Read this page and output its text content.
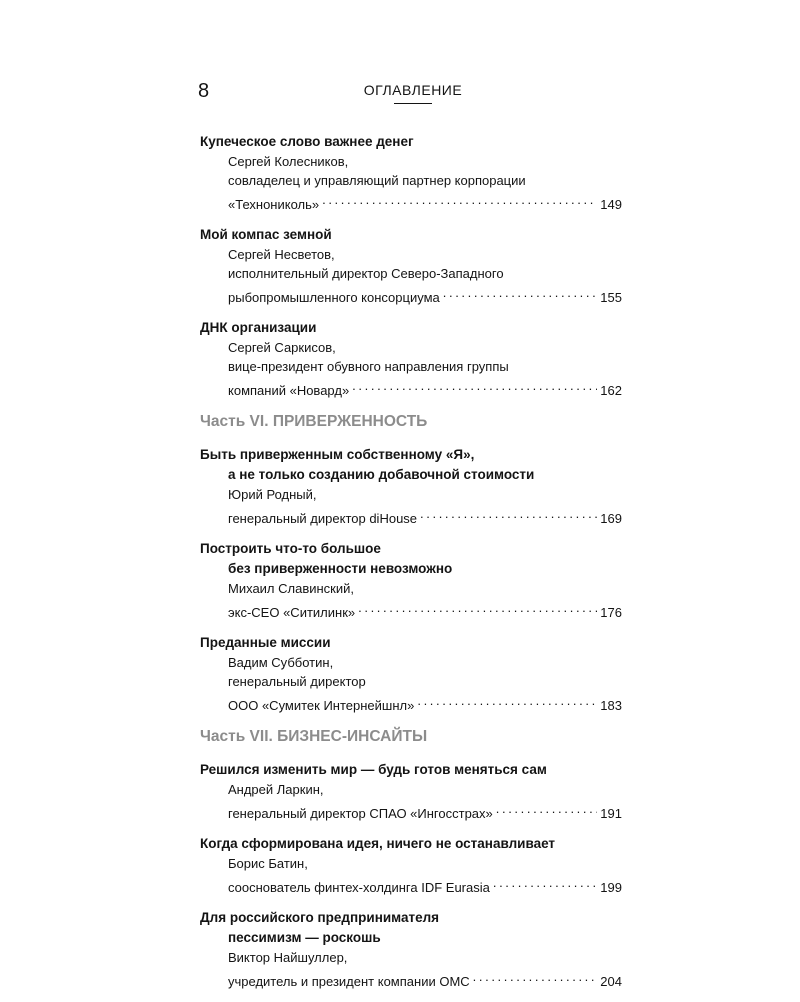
8	ОГЛАВЛЕНИЕ
Купеческое слово важнее денег
Сергей Колесников,
совладелец и управляющий партнер корпорации
«Технониколь» . . .	149
Мой компас земной
Сергей Несветов,
исполнительный директор Северо-Западного
рыбопромышленного консорциума . . .	155
ДНК организации
Сергей Саркисов,
вице-президент обувного направления группы
компаний «Новард» . . .	162
Часть VI. ПРИВЕРЖЕННОСТЬ
Быть приверженным собственному «Я»,
а не только созданию добавочной стоимости
Юрий Родный,
генеральный директор diHouse . . .	169
Построить что-то большое
без приверженности невозможно
Михаил Славинский,
экс-CEO «Ситилинк» . . .	176
Преданные миссии
Вадим Субботин,
генеральный директор
ООО «Сумитек Интернейшнл» . . .	183
Часть VII. БИЗНЕС-ИНСАЙТЫ
Решился изменить мир — будь готов меняться сам
Андрей Ларкин,
генеральный директор СПАО «Ингосстрах» . . .	191
Когда сформирована идея, ничего не останавливает
Борис Батин,
сооснователь финтех-холдинга IDF Eurasia . . .	199
Для российского предпринимателя
пессимизм — роскошь
Виктор Найшуллер,
учредитель и президент компании ОМС . . .	204
